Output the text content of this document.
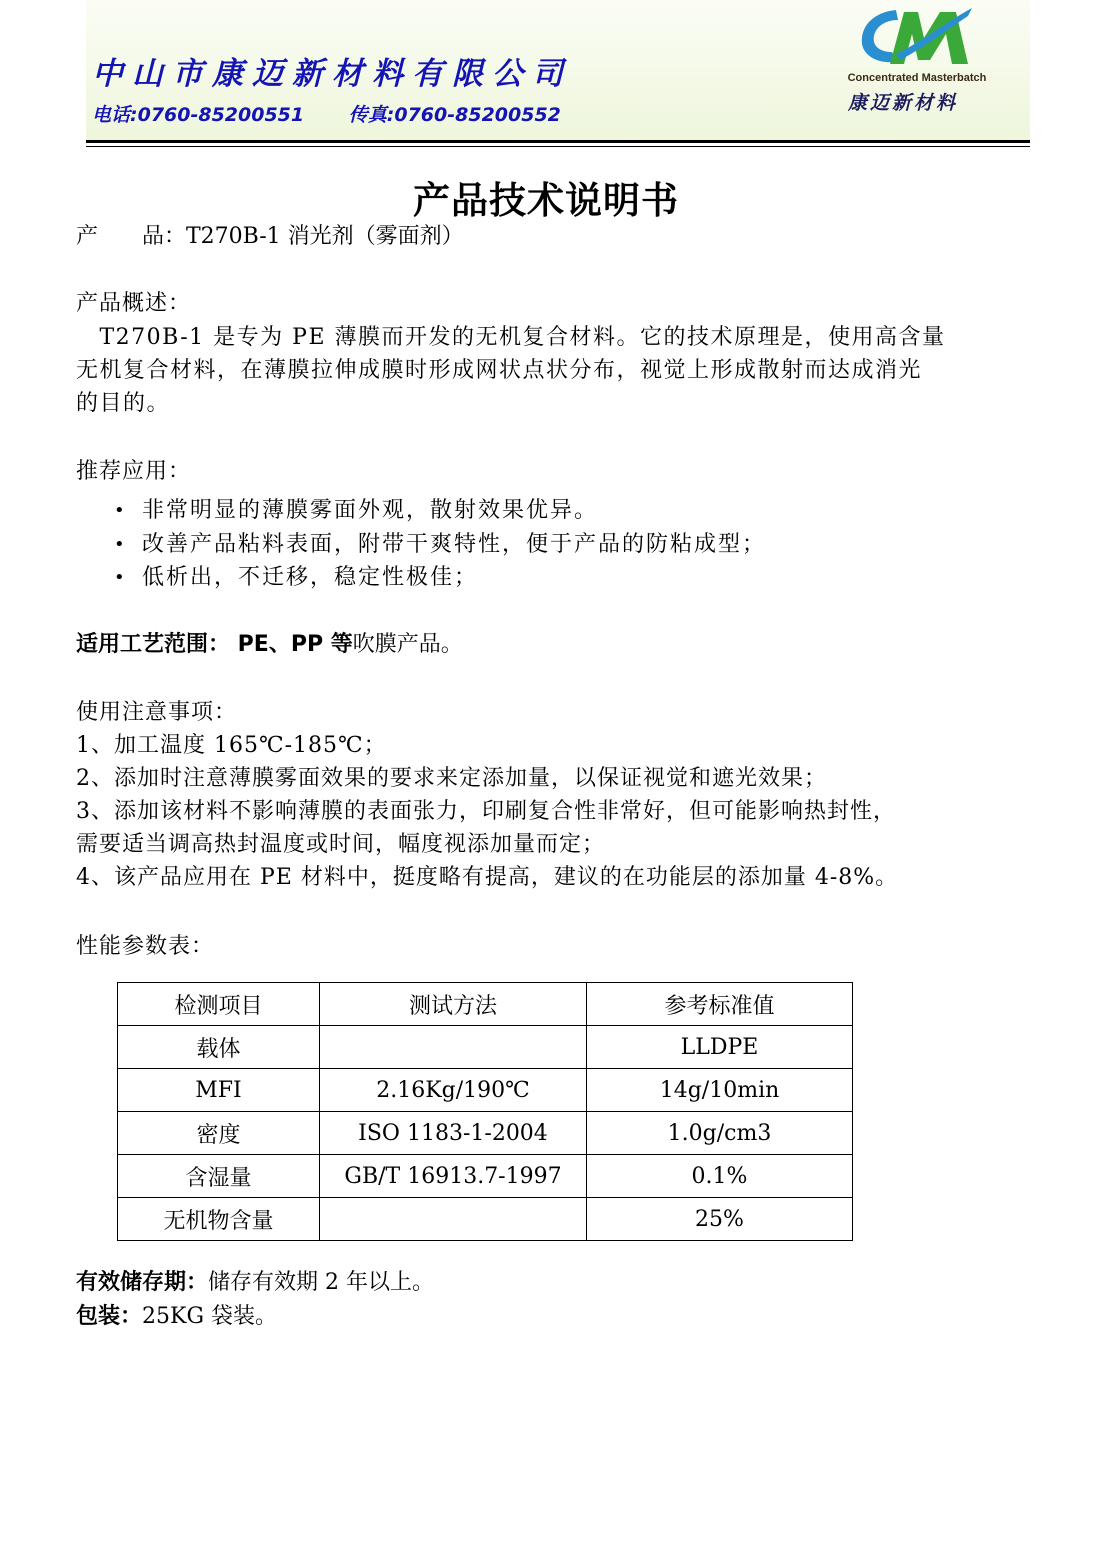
中山市康迈新材料有限公司
电话:0760-85200551 传真:0760-85200552
Concentrated Masterbatch
康迈新材料
产品技术说明书
产　　品：T270B-1 消光剂（雾面剂）
产品概述：
　T270B-1 是专为 PE 薄膜而开发的无机复合材料。它的技术原理是，使用高含量
无机复合材料，在薄膜拉伸成膜时形成网状点状分布，视觉上形成散射而达成消光
的目的。
推荐应用：
• 非常明显的薄膜雾面外观，散射效果优异。
• 改善产品粘料表面，附带干爽特性，便于产品的防粘成型；
• 低析出，不迁移，稳定性极佳；
适用工艺范围： PE、PP 等吹膜产品。
使用注意事项：
1、加工温度 165℃-185℃；
2、添加时注意薄膜雾面效果的要求来定添加量，以保证视觉和遮光效果；
3、添加该材料不影响薄膜的表面张力，印刷复合性非常好，但可能影响热封性，
需要适当调高热封温度或时间，幅度视添加量而定；
4、该产品应用在 PE 材料中，挺度略有提高，建议的在功能层的添加量 4-8%。
性能参数表：
检测项目	测试方法	参考标准值
载体		LLDPE
MFI	2.16Kg/190℃	14g/10min
密度	ISO 1183-1-2004	1.0g/cm3
含湿量	GB/T 16913.7-1997	0.1%
无机物含量		25%
有效储存期：储存有效期 2 年以上。
包装：25KG 袋装。
